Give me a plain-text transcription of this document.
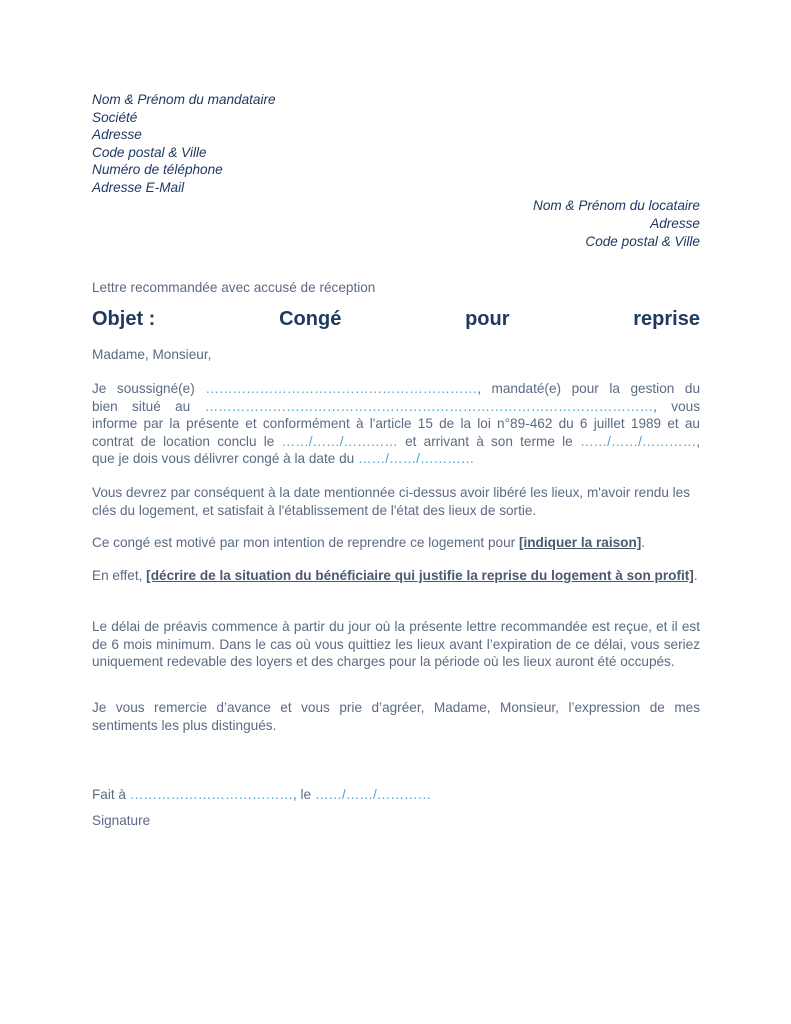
Nom & Prénom du mandataire
Société
Adresse
Code postal & Ville
Numéro de téléphone
Adresse E-Mail
Nom & Prénom du locataire
Adresse
Code postal & Ville
Lettre recommandée avec accusé de réception
Objet :	Congé	pour	reprise
Madame, Monsieur,
Je soussigné(e) ……………………………………………………, mandaté(e) pour la gestion du
bien situé au ………………………………………………………………………………………, vous
informe par la présente et conformément à l'article 15 de la loi n°89-462 du 6 juillet 1989 et au
contrat de location conclu le ……/……/………… et arrivant à son terme le ……/……/…………,
que je dois vous délivrer congé à la date du ……/……/…………
Vous devrez par conséquent à la date mentionnée ci-dessus avoir libéré les lieux, m'avoir rendu les clés du logement, et satisfait à l'établissement de l'état des lieux de sortie.
Ce congé est motivé par mon intention de reprendre ce logement pour [indiquer la raison].
En effet, [décrire de la situation du bénéficiaire qui justifie la reprise du logement à son profit].
Le délai de préavis commence à partir du jour où la présente lettre recommandée est reçue, et il est de 6 mois minimum. Dans le cas où vous quittiez les lieux avant l’expiration de ce délai, vous seriez uniquement redevable des loyers et des charges pour la période où les lieux auront été occupés.
Je vous remercie d’avance et vous prie d’agréer, Madame, Monsieur, l’expression de mes sentiments les plus distingués.
Fait à ………………………………, le ……/……/…………
Signature
